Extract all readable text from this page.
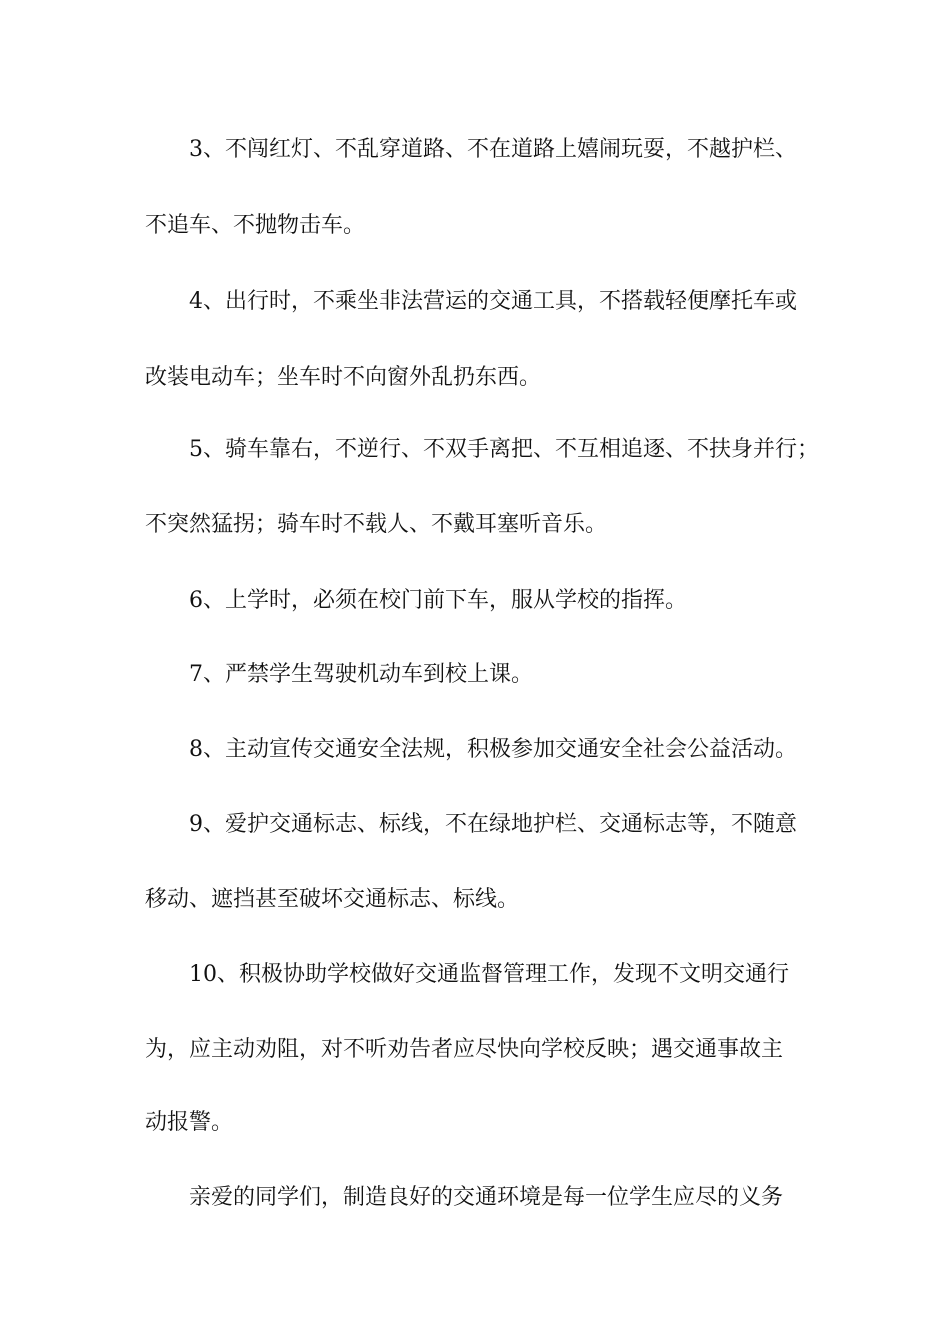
3、不闯红灯、不乱穿道路、不在道路上嬉闹玩耍，不越护栏、
不追车、不抛物击车。
4、出行时，不乘坐非法营运的交通工具，不搭载轻便摩托车或
改装电动车；坐车时不向窗外乱扔东西。
5、骑车靠右，不逆行、不双手离把、不互相追逐、不扶身并行；
不突然猛拐；骑车时不载人、不戴耳塞听音乐。
6、上学时，必须在校门前下车，服从学校的指挥。
7、严禁学生驾驶机动车到校上课。
8、主动宣传交通安全法规，积极参加交通安全社会公益活动。
9、爱护交通标志、标线，不在绿地护栏、交通标志等，不随意
移动、遮挡甚至破坏交通标志、标线。
10、积极协助学校做好交通监督管理工作，发现不文明交通行
为，应主动劝阻，对不听劝告者应尽快向学校反映；遇交通事故主
动报警。
亲爱的同学们，制造良好的交通环境是每一位学生应尽的义务
